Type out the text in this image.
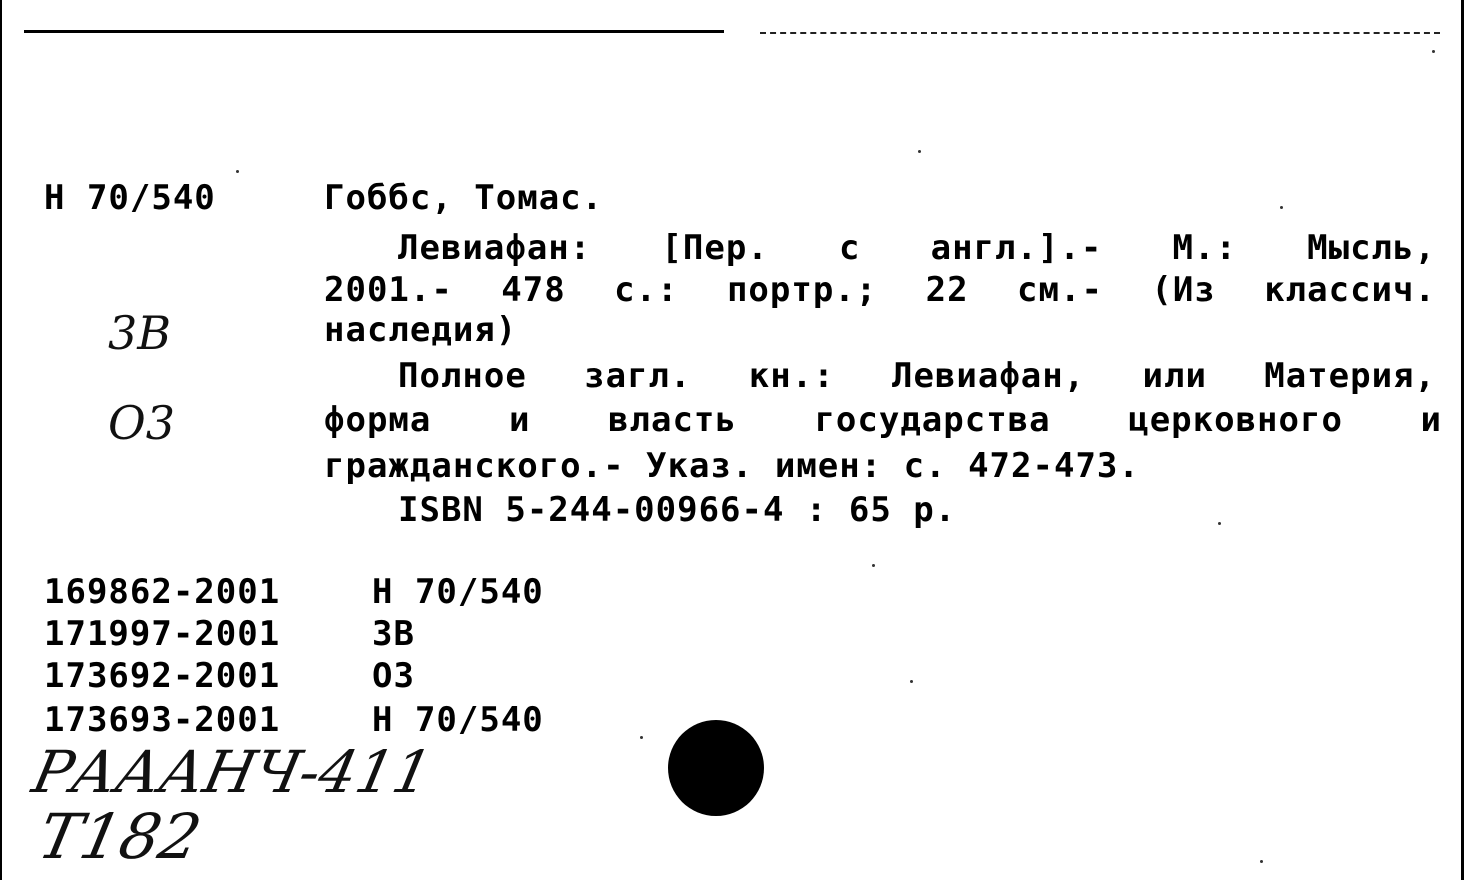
Н 70/540	Гоббс, Томас.
Левиафан: [Пер. с англ.].- М.: Мысль,
2001.- 478 с.: портр.; 22 см.- (Из классич.
наследия)
Полное загл. кн.: Левиафан, или Материя,
форма и власть государства церковного и
гражданского.- Указ. имен: с. 472-473.
ISBN 5-244-00966-4 : 65 р.
3В
О3
169862-2001	Н 70/540
171997-2001	3В
173692-2001	О3
173693-2001	Н 70/540
РАААНЧ-411
Т182
